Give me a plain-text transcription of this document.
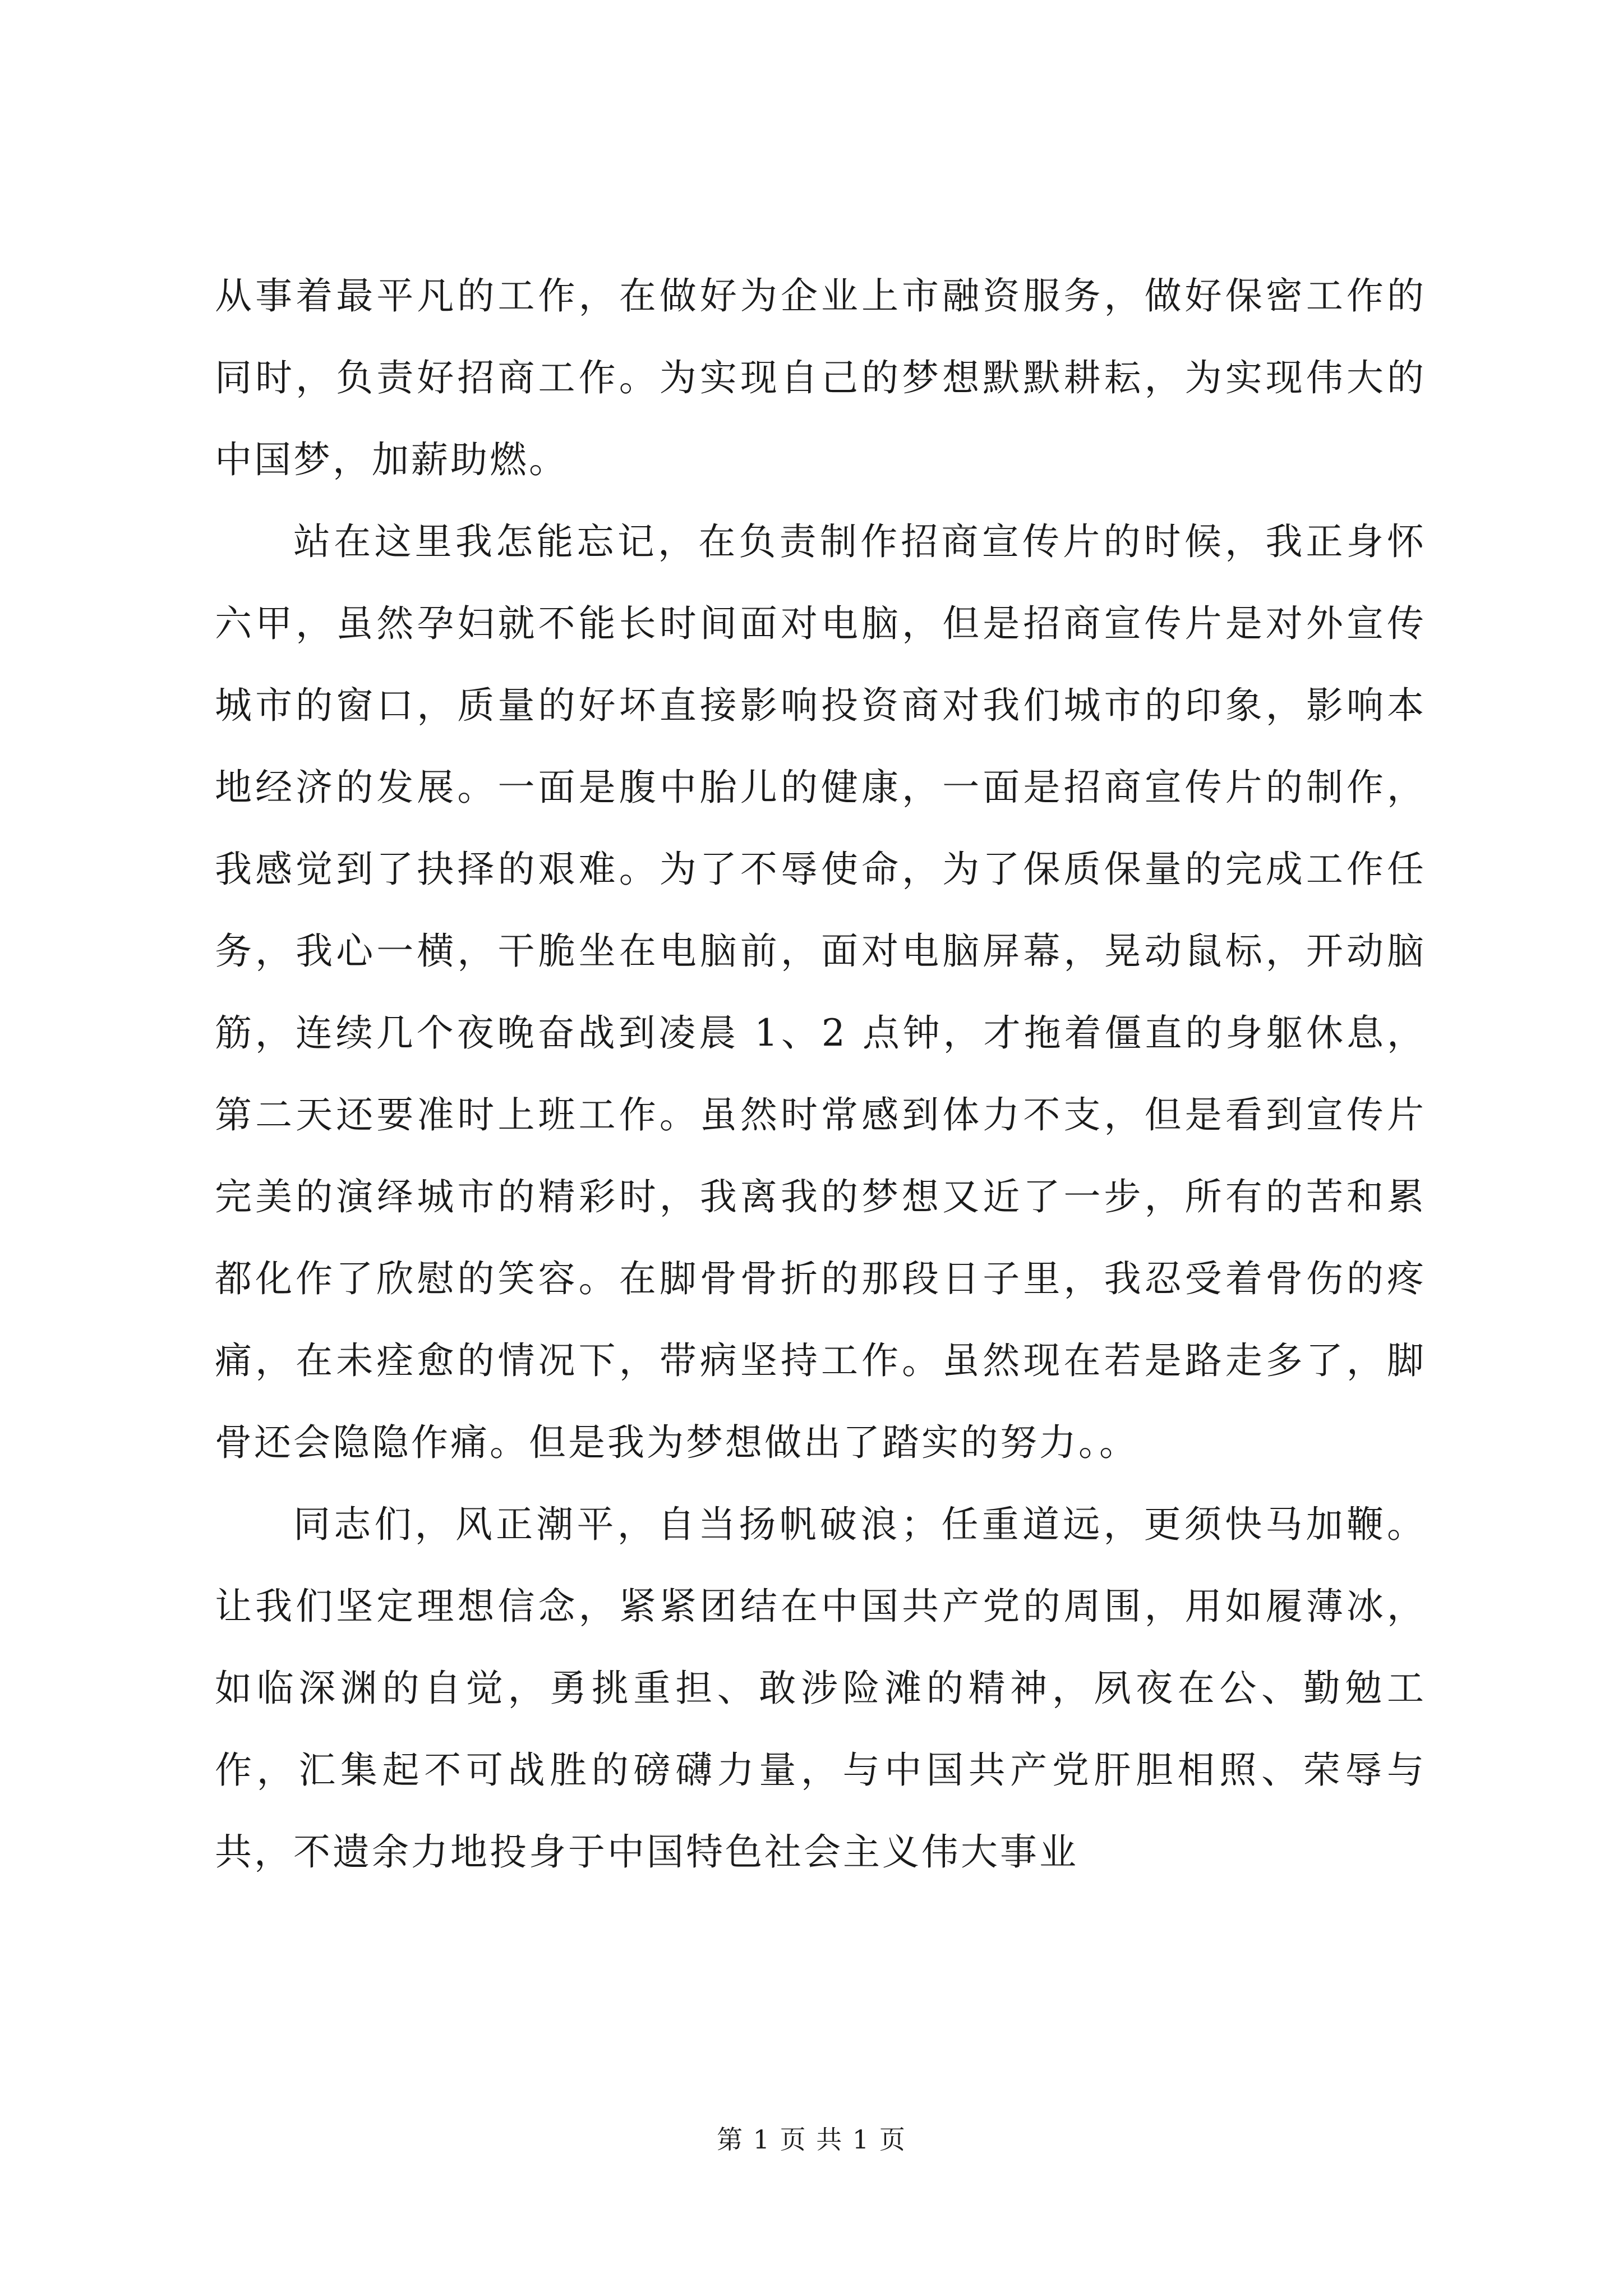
从事着最平凡的工作，在做好为企业上市融资服务，做好保密工作的同时，负责好招商工作。为实现自己的梦想默默耕耘，为实现伟大的中国梦，加薪助燃。

站在这里我怎能忘记，在负责制作招商宣传片的时候，我正身怀六甲，虽然孕妇就不能长时间面对电脑，但是招商宣传片是对外宣传城市的窗口，质量的好坏直接影响投资商对我们城市的印象，影响本地经济的发展。一面是腹中胎儿的健康，一面是招商宣传片的制作，我感觉到了抉择的艰难。为了不辱使命，为了保质保量的完成工作任务，我心一横，干脆坐在电脑前，面对电脑屏幕，晃动鼠标，开动脑筋，连续几个夜晚奋战到凌晨 1、2 点钟，才拖着僵直的身躯休息，第二天还要准时上班工作。虽然时常感到体力不支，但是看到宣传片完美的演绎城市的精彩时，我离我的梦想又近了一步，所有的苦和累都化作了欣慰的笑容。在脚骨骨折的那段日子里，我忍受着骨伤的疼痛，在未痊愈的情况下，带病坚持工作。虽然现在若是路走多了，脚骨还会隐隐作痛。但是我为梦想做出了踏实的努力。。

同志们，风正潮平，自当扬帆破浪；任重道远，更须快马加鞭。让我们坚定理想信念，紧紧团结在中国共产党的周围，用如履薄冰，如临深渊的自觉，勇挑重担、敢涉险滩的精神，夙夜在公、勤勉工作，汇集起不可战胜的磅礴力量，与中国共产党肝胆相照、荣辱与共，不遗余力地投身于中国特色社会主义伟大事业

第 1 页 共 1 页
